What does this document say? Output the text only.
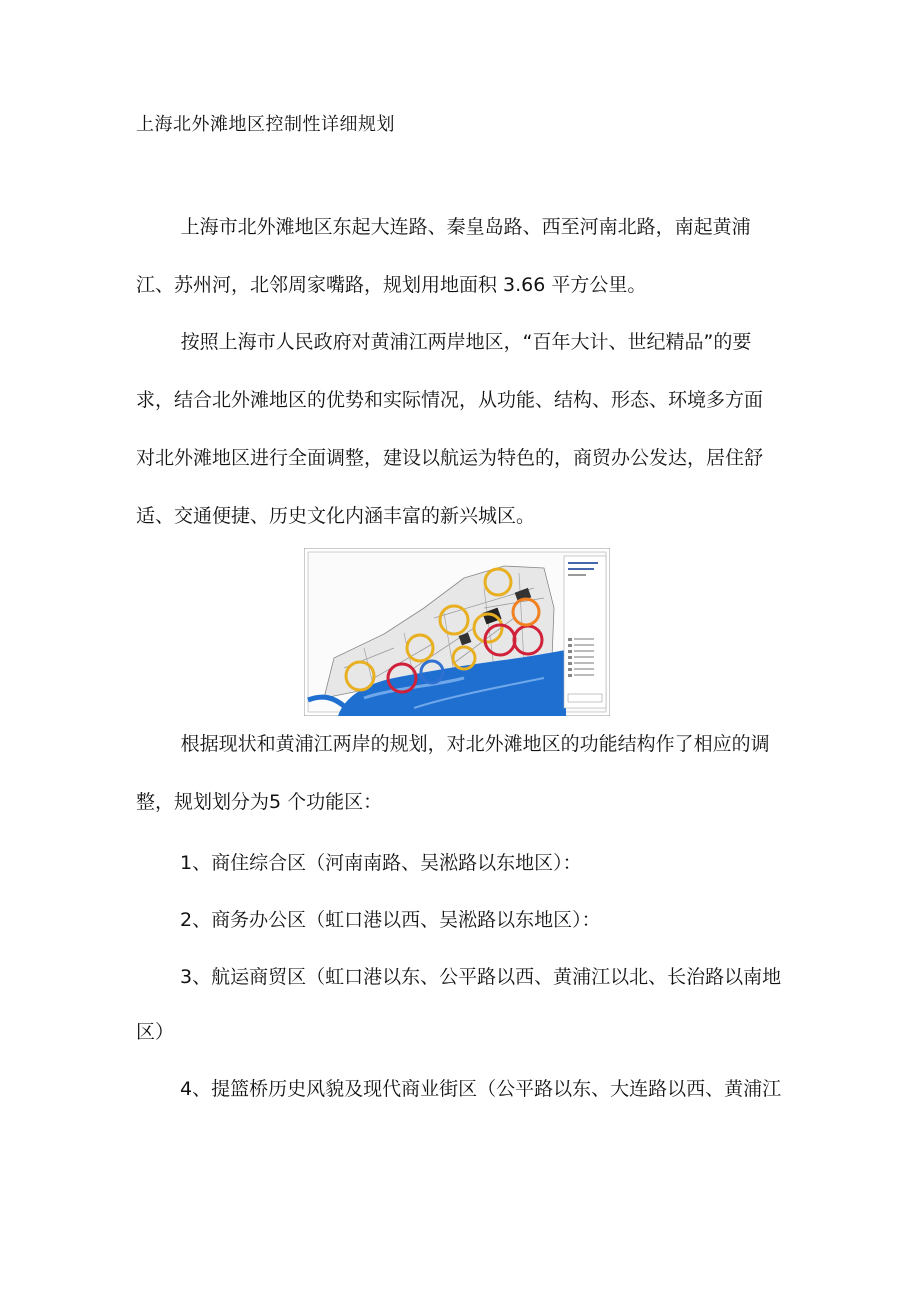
上海北外滩地区控制性详细规划

上海市北外滩地区东起大连路、秦皇岛路、西至河南北路，南起黄浦江、苏州河，北邻周家嘴路，规划用地面积 3.66 平方公里。

按照上海市人民政府对黄浦江两岸地区，“百年大计、世纪精品”的要求，结合北外滩地区的优势和实际情况，从功能、结构、形态、环境多方面对北外滩地区进行全面调整，建设以航运为特色的，商贸办公发达，居住舒适、交通便捷、历史文化内涵丰富的新兴城区。

根据现状和黄浦江两岸的规划，对北外滩地区的功能结构作了相应的调整，规划划分为5 个功能区：

1、商住综合区（河南南路、吴淞路以东地区）：
2、商务办公区（虹口港以西、吴淞路以东地区）：
3、航运商贸区（虹口港以东、公平路以西、黄浦江以北、长治路以南地
区）
4、提篮桥历史风貌及现代商业街区（公平路以东、大连路以西、黄浦江
